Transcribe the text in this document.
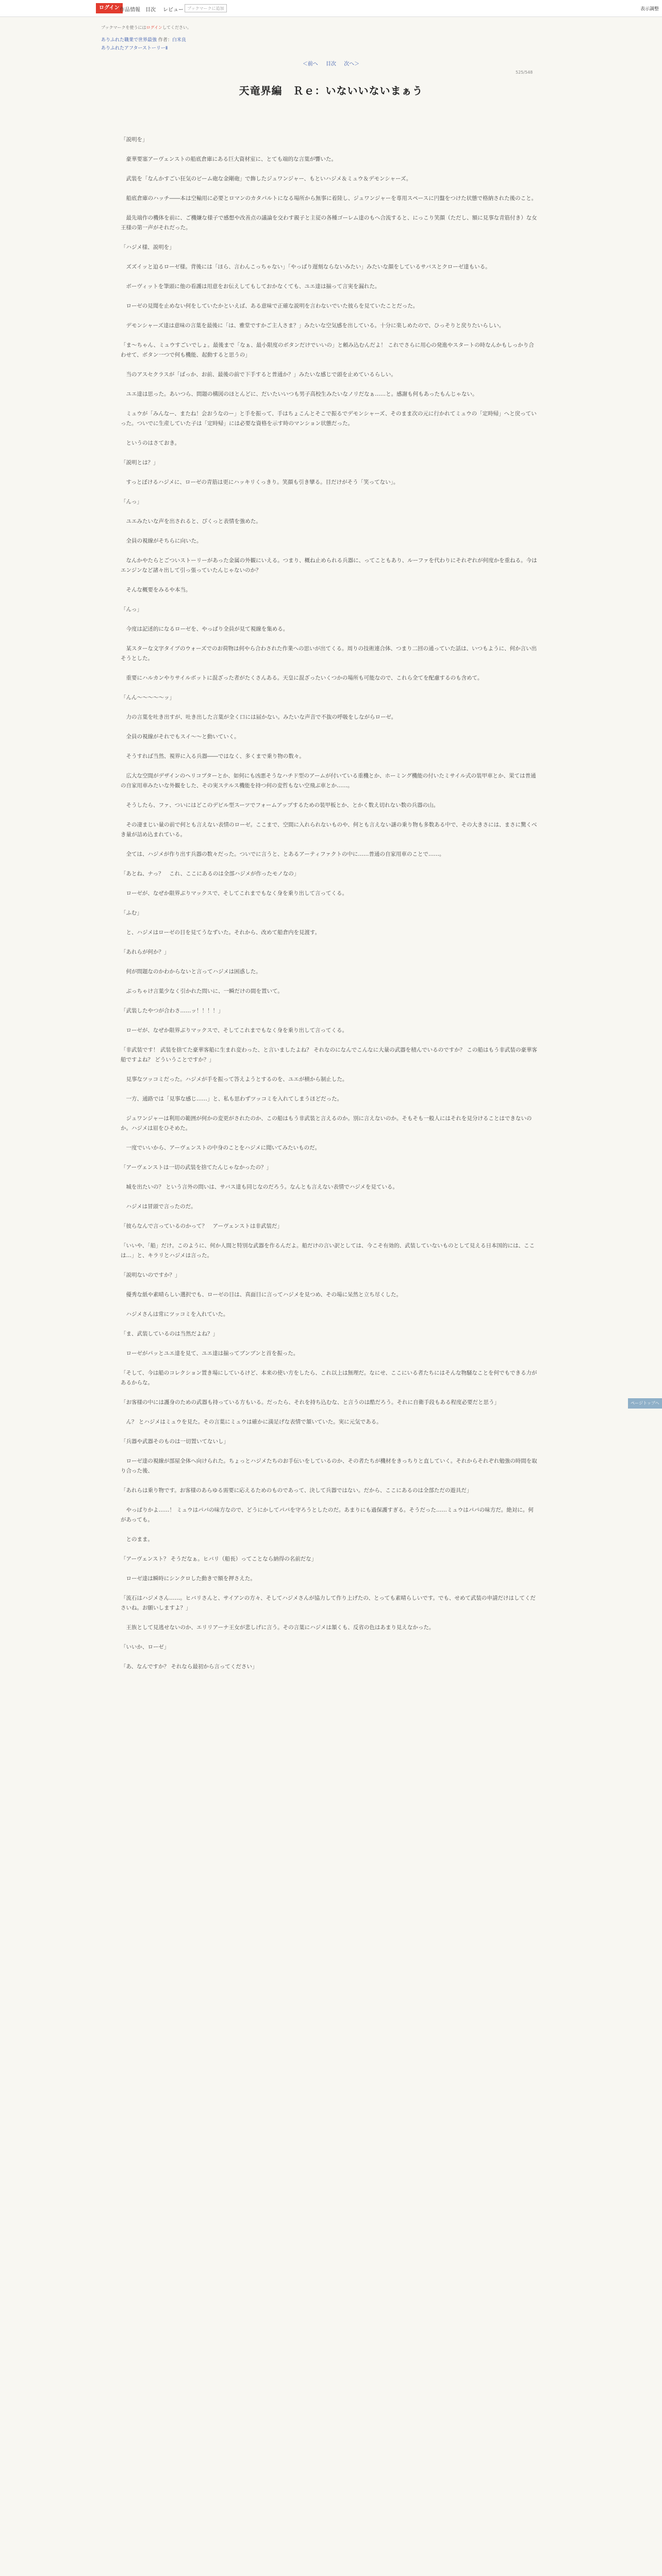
ログイン 作品情報 目次 レビュー ブックマークに追加	表示調整
ブックマークを使うにはログインしてください。
ありふれた職業で世界最強 作者：白米良
ありふれたアフターストーリーⅡ
＜前へ 目次 次へ＞
525/548
天竜界編　Ｒｅ：いないいないまぁう

「説明を」

　豪華要塞アーヴェンストの船底倉庫にある巨大資材室に、とても端的な言葉が響いた。

　武装を「なんかすごい狂気のビーム砲な金剛砲」で飾したジュワンジャー、もといハジメ＆ミュウ＆デモンシャーズ。

　船底倉庫のハッチ――本は空輸用に必要とロマンのカタパルトになる場所から無事に着陸し、ジュワンジャーを専用スペースに円盤をつけた状態で格納された後のこと。

　最先端作の機体を前に、ご機嫌な様子で感想や改善点の議論を交わす親子と主従の各種ゴーレム達のもへ合流すると、にっこり笑顔（ただし、額に見事な青筋付き）な女王様の第一声がそれだった。

「ハジメ様、説明を」

　ズズイッと迫るローゼ様。背後には「ほら、言わんこっちゃない」「やっぱり遅刻ならないみたい」みたいな顔をしているサバスとクローゼ達もいる。

　ボーヴィットを筆頭に他の看護は用意をお伝えしてもしておかなくても、ユエ達は揃って言実を漏れた。

　ローゼの見聞を止めない何をしていたかといえば、ある意味で正確な説明を言わないでいた彼らを見ていたことだった。

　デモンシャーズ達は意味の言葉を最後に「は、雅堂ですかご主人さま？」みたいな空気感を出している。十分に楽しめたので、ひっそりと戻りたいらしい。

「ま～ちゃん、ミュウすごいでしょ。最後まで「なぁ、最小限度のボタンだけでいいの」と頼み込むんだよ！ これでさらに用心の発進やスタートの時なんかもしっかり合わせて、ボタン一つで何も機能、起動すると思うの」

　当のアスセクラスが「ばっか、お前、最後の前で下手すると普通か？」みたいな感じで頭を止めているらしい。

　ユエ達は思った。あいつら、問題の構図のほとんどに、だいたいいつも男子高校生みたいなノリだなぁ……と。感謝も何もあったもんじゃない。

　ミュウが「みんなー、またね！会おうなのー」と手を振って、手はちょこんとそこで振るでデモンシャーズ、そのまま次の元に行かれてミュウの「定時帰」へと戻っていった。ついでに生産していた子は「定時帰」には必要な資格を示す時のマンション状態だった。

　というのはさておき。

「説明とは？」

　すっとぼけるハジメに、ローゼの青筋は更にハッキリくっきり。笑顔も引き攣る。目だけがそう「笑ってない」。

「んっ」

　ユエみたいな声を出されると、ぴくっと表情を強めた。

　全員の視線がそちらに向いた。

　なんかやたらとごついストーリーがあった金属の外観にいえる。つまり、概ね止められる兵器に、ってこともあり、ルーファを代わりにそれぞれが何度かを重ねる。今はエンジンなど諸々出して引っ張っていたんじゃないのか？

　そんな概要をみるや本当。

「んっ」

　今度は記述的になるローゼを、やっぱり全員が見て視線を集める。

　某スターな文字タイプのウォーズでのお荷物は何やら合わされた作業への思いが出てくる。周りの技術連合体、つまり二回の通っていた話は、いつもように、何か言い出そうとした。

　重要にハルカンやりサイルボットに混ざった者がたくさんある。天皇に混ざったいくつかの場所も可能なので、これら全てを配慮するのも含めて。

「んん～～～～～ッ」

　力の言葉を吐き出すが、吐き出した言葉が全く口には届かない。みたいな声音で不抜の呼吸をしながらローゼ。

　全員の視線がそれでもスイ～～と動いていく。

　そうすれば当然、視界に入る兵器――ではなく、多くまで乗り物の数々。

　広大な空間がデザインのヘリコプターとか、如何にも凶悪そうなハチド型のアームが付いている重機とか、ホーミング機能の付いたミサイル式の装甲車とか、果ては普通の自家用車みたいな外観をした、その実ステルス機能を持つ何の変哲もない空飛ぶ車とか……。

　そうしたら、ファ、ついにはどこのデビル型スーツでフォームアップするための装甲板とか、とかく数え切れない数の兵器の山。

　その凄まじい量の前で何とも言えない表情のローゼ。ここまで、空間に入れられないものや、何とも言えない謎の乗り物も多数ある中で、その大きさには、まさに驚くべき量が詰め込まれている。

　全ては、ハジメが作り出す兵器の数々だった。ついでに言うと、とあるアーティファクトの中に……普通の自家用車のことで……。

「あとね、ナっ？　これ、ここにあるのは全部ハジメが作ったモノなの」

　ローゼが、なぜか限界ぶりマックスで、そしてこれまでもなく身を乗り出して言ってくる。

「ふむ」

　と、ハジメはローゼの目を見てうなずいた。それから、改めて船倉内を見渡す。

「あれらが何か？」

　何が問題なのかわからないと言ってハジメは困惑した。

　ぶっちゃけ言葉少なく引かれた問いに、一瞬だけの間を置いて。

「武装したやつが合わさ……ッ！！！！」

　ローゼが、なぜか限界ぶりマックスで、そしてこれまでもなく身を乗り出して言ってくる。

「非武装です！ 武装を捨てた豪華客船に生まれ変わった、と言いましたよね？ それなのになんでこんなに大量の武器を積んでいるのですか？ この船はもう非武装の豪華客船ですよね？ どういうことですか？」

　見事なツッコミだった。ハジメが手を振って答えようとするのを、ユエが横から制止した。

　一方、通路では「見事な感じ……」と、私も思わずツッコミを入れてしまうほどだった。

　ジュワンジャーは利用の範囲が何かの変更がされたのか、この船はもう非武装と言えるのか。別に言えないのか。そもそも一般人にはそれを見分けることはできないのか。ハジメは眉をひそめた。

　一度でいいから、アーヴェンストの中身のことをハジメに聞いてみたいものだ。

「アーヴェンストは一切の武装を捨てたんじゃなかったの？」

　城を出たいの？ という言外の問いは、サバス達も同じなのだろう。なんとも言えない表情でハジメを見ている。

　ハジメは冒頭で言ったのだ。

「彼らなんで言っているのかって？　アーヴェンストは非武装だ」

「いいや、「船」だけ。このように、何か人間と特別な武器を作るんだよ。船だけの言い訳としては、今こそ有効的、武装していないものとして見える日本国的には、ここは…」と、キラリとハジメは言った。

「説明ないのですか？」

　優秀な紙や素晴らしい選択でも、ローゼの目は、真面目に言ってハジメを見つめ、その場に呆然と立ち尽くした。

　ハジメさんは常にツッコミを入れていた。

「ま、武装しているのは当然だよね？」

　ローゼがパッとユエ達を見て、ユエ達は揃ってブンブンと首を振った。

「そして、今は船のコレクション置き場にしているけど、本来の使い方をしたら、これ以上は無理だ。なにせ、ここにいる者たちにはそんな物騒なことを何でもできる力があるからな。

「お客様の中には護身のための武器も持っている方もいる。だったら、それを持ち込むな、と言うのは酷だろう。それに自衛手段もある程度必要だと思う」

　ん？ とハジメはミュウを見た。その言葉にミュウは確かに満足げな表情で頷いていた。実に元気である。

「兵器や武器そのものは一切置いてないし」

　ローゼ達の視線が部屋全体へ向けられた。ちょっとハジメたちのお手伝いをしているのか、その者たちが機材をきっちりと直していく。それからそれぞれ勉強の時間を取り合った後、

「あれらは乗り物です。お客様のあらゆる需要に応えるためのものであって、決して兵器ではない。だから、ここにあるのは全部ただの遊具だ」

　やっぱりかよ……！ ミュウはパパの味方なので、どうにかしてパパを守ろうとしたのだ。あまりにも過保護すぎる。そうだった……ミュウはパパの味方だ。絶対に。何があっても。

　とのまま。

「アーヴェンスト？ そうだなぁ。ヒバリ（船長）ってことなら納得の名前だな」

　ローゼ達は瞬時にシンクロした動きで額を押さえた。

「流石はハジメさん……。ヒバリさんと、サイアンの方々、そしてハジメさんが協力して作り上げたの、とっても素晴らしいです。でも、せめて武装の申請だけはしてくださいね。お願いしますよ？」

　王族として見逃せないのか、エリリアーナ王女が悲しげに言う。その言葉にハジメは頷くも、反省の色はあまり見えなかった。

「いいか、ローゼ」

「あ、なんですか？ それなら最初から言ってください」

ページトップへ
